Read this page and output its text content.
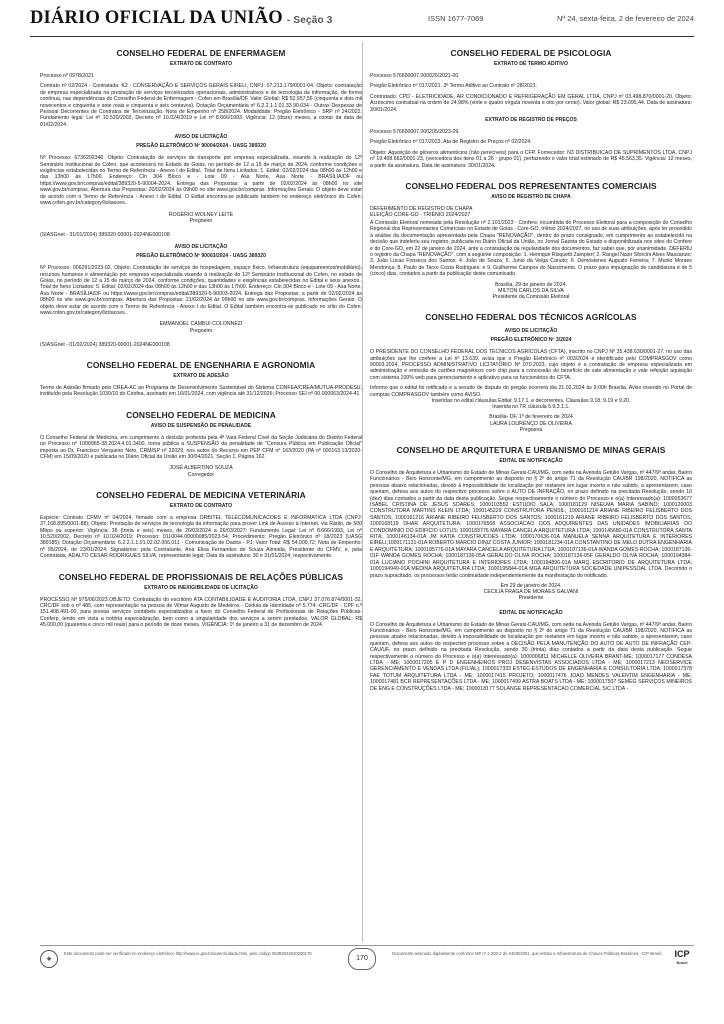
DIÁRIO OFICIAL DA UNIÃO - Seção 3	ISSN 1677-7069	Nº 24, sexta-feira, 2 de fevereiro de 2024
CONSELHO FEDERAL DE ENFERMAGEM
EXTRATO DE CONTRATO
Processo nº 0978/2021
Contrato nº 02/2024 - Contratada: K2 - CONSERVAÇÃO E SERVIÇOS GERAIS EIRELI, CNPJ: 07.213.179/0001-04. Objeto: contratação de empresa especializada na prestação de serviços terceirizados operacionais, administrativos e de tecnologia da informação, de forma contínua, nas dependências do Conselho Federal de Enfermagem - Cofen em Brasília/DF. Valor Global: R$ 52.957,56 (cinquenta e dois mil novecentos e cinquenta e sete reais e cinquenta e seis centavos). Dotação Orçamentária nº 6.2.2.1.1.01.33.90.034 - Outras Despesas de Pessoal Decorrentes de Contratos de Terceirização. Nota de Empenho nº 258/2024. Modalidade: Pregão Eletrônico - SRP nº 24/2022. Fundamento legal: Lei nº 10.520/2002, Decreto nº 10.024/2019 e Lei nº 8.666/1993. Vigência: 12 (doze) meses, a contar da data de 01/02/2024.
AVISO DE LICITAÇÃO
PREGÃO ELETRÔNICO Nº 90004/2024 - UASG 389320
Nº Processo: 6736202346. Objeto: Contratação de serviços de transporte por empresa especializada, visando à realização do 12º Seminário Institucional do Cofen, que acontecerá no Estado de Goiás, no período de 12 a 15 de março de 2024, conforme condições e exigências estabelecidas no Termo de Referência - Anexo I do Edital.. Total de Itens Licitados: 1. Edital: 02/02/2024 das 08h00 às 12h00 e das 13h00 às 17h00. Endereço: Cln 304 Bloco e - Lote 09 - Asa Norte, Asa Norte - BRASÍLIA/DF ou https://www.gov.br/compras/edital/389320-5-90004-2024. Entrega das Propostas: a partir de 02/02/2024 às 08h00 no site www.gov.br/compras. Abertura das Propostas: 20/02/2024 às 09h00 no site www.gov.br/compras. Informações Gerais: O objeto deve estar de acordo com o Termo de Referência - Anexo I do Edital. O Edital encontra-se publicado também no endereço eletrônico do Cofen: www.cofen.gov.br/category/licitacoes..
ROGERIO WOLNEY LEITE
Pregoeiro
(SIASGnet - 31/01/2024) 389320-00001-2024NE000108
AVISO DE LICITAÇÃO
PREGÃO ELETRÔNICO Nº 90003/2024 - UASG 389320
Nº Processo: 006291/2023-02. Objeto: Contratação de serviços de hospedagem, espaço físico, infraestrutura (equipamentos/mobiliário), recursos humanos e alimentação por empresa especializada visando à realização do 12º Seminário Institucional do Cofen, no estado de Goiás, no período de 12 a 15 de março de 2024, conforme condições, quantidades e exigências estabelecidas no Edital e seus anexos.. Total de Itens Licitados: 5. Edital: 02/02/2024 das 08h00 às 12h00 e das 13h00 às 17h00. Endereço: Cln 304 Bloco e - Lote 09 - Asa Norte, Asa Norte - BRASÍLIA/DF ou https://www.gov.br/compras/edital/389320-5-90003-2024. Entrega das Propostas: a partir de 02/02/2024 às 08h00 no site www.gov.br/compras. Abertura das Propostas: 21/02/2024 às 09h00 no site www.gov.br/compras. Informações Gerais: O objeto deve estar de acordo com o Termo de Referência - Anexo I do Edital. O Edital também encontra-se publicado no sítio do Cofen: www.cofen.gov.br/category/licitacoes..
EMMANOEL CAMBUI COLONNEZI
Pregoeiro
(SIASGnet - 01/02/2024) 389320-00001-2024NE000108
CONSELHO FEDERAL DE ENGENHARIA E AGRONOMIA
EXTRATO DE ADESÃO
Termo de Adesão firmado pelo CREA-AC ao Programa de Desenvolvimento Sustentável do Sistema CONFEA/CREA/MUTUA-PRODESU, instituído pela Resolução 1030/10 do Confea, assinado em 16/01/2024, com vigência até 31/12/2026; Processo SEI nº 00.000063/2024-41
CONSELHO FEDERAL DE MEDICINA
AVISO DE SUSPENSÃO DE PENALIDADE
O Conselho Federal de Medicina, em cumprimento à decisão proferida pela 4ª Vara Federal Cível da Seção Judiciária do Distrito Federal no Processo nº 1000965-38.2024.4.01.3400, torna pública a SUSPENSÃO da penalidade de "Censura Pública em Publicação Oficial" imposta ao Dr. Francisco Verqueiro Neto, CRM/SP nº 22029, nos autos do Recurso em PEP CFM nº 163/2020 (PA nº 000163.13/2020-CFM) em 15/09/2020 e publicada no Diário Oficial da União em 30/04/2021, Seção 1, Página 162.
JOSÉ ALBERTINO SOUZA
Corregedor
CONSELHO FEDERAL DE MEDICINA VETERINÁRIA
EXTRATO DE CONTRATO
Espécie: Contrato CFMV nº 04/2024, firmado com a empresa ORBITEL TELECOMUNICACOES E INFORMATICA LTDA (CNPJ: 37.168.895/0001-88); Objeto: Prestação de serviços de tecnologia da informação para prover Link de Acesso à Internet, via Rádio, de 500 Mbps ou superior; Vigência: 36 (trinta e seis) meses, de 26/03/2024 a 26/03/2027; Fundamento Legal: Lei nº 8.666/1993, Lei nº 10.520/2002, Decreto nº 10.024/2019; Processo: 0110044.00000085/2023-54; Procedimento: Pregão Eletrônico nº 18/2023 (UASG 389185); Dotação Orçamentária: 6.2.2.1.1.01.02.02.006.011 - Comunicação de Dados - PJ; Valor Total: R$ 54.009,72; Nota de Empenho: nº 95/2024, de 23/01/2024; Signatários: pela Contratante, Ana Elisa Fernandes de Souza Almeida, Presidente do CFMV, e, pela Contratada, ADALTO CESAR RODRIGUES SILVA, representante legal; Data da assinatura: 30 e 31/01/2024, respectivamente.
CONSELHO FEDERAL DE PROFISSIONAIS DE RELAÇÕES PÚBLICAS
EXTRATO DE INEXIGIBILIDADE DE LICITAÇÃO
PROCESSO Nº 975/06/2023.OBJETO: Contratação do escritório ATA CONTABILIDADE E AUDITORIA LTDA, CNPJ 37.076.874/0001-32, CRC/DF sob o nº 485, com representação na pessoa de Vilmar Augusto de Medeiros - Cédula de Identidade nº 5.774 -CRC/DF - CPF n.º 151.408.491-00, para prestar serviços contábeis especializados a favor do Conselho Federal de Profissionais de Relações Públicas-Conferp, tendo em vista a notória especialização, bem como a singularidade dos serviços a serem prestados. VALOR GLOBAL: R$ 45.000,00 (quarenta e cinco mil reais) para o período de doze meses. VIGÊNCIA: 1º de janeiro a 31 de dezembro de 2024.
CONSELHO FEDERAL DE PSICOLOGIA
EXTRATO DE TERMO ADITIVO
Processo 576600007.000026/2021-00.
Pregão Eletrônico nº 017/2021. 3º Termo Aditivo ao Contrato nº 28/2021.
Contratado: CPD - ELETRICIDADE, AR CONDICIONADO E REFRIGERAÇÃO EM GERAL LTDA, CNPJ nº 03.498.870/0001-20. Objeto: Acréscimo contratual na ordem de 24,98% (vinte e quatro vírgula noventa e oito por cento). Valor global: R$ 23.095,44. Data de assinatura: 30/01/2024.
EXTRATO DE REGISTRO DE PREÇOS
Processo 576600007.000205/2023-09.
Pregão Eletrônico nº 017/2023. Ata de Registro de Preços nº 02/2024.
Objeto: Aquisição de gêneros alimentícios (não perecíveis) para o CFP. Fornecedor: N3 DISTRIBUICAO DE SUPRIMENTOS LTDA, CNPJ nº 19.408.662/0001-23, (vencedora dos itens 01 a 26 - grupo 01), perfazendo o valor total estimado de R$ 45.563,35. Vigência: 12 meses, a partir da assinatura. Data de assinatura: 30/01/2024.
CONSELHO FEDERAL DOS REPRESENTANTES COMERCIAIS
AVISO DE REGISTRO DE CHAPA
DEFERIMENTO DE REGISTRO DE CHAPA
ELEIÇÃO CORE-GO - TRIÊNIO 2024/2027
A Comissão Eleitoral nomeada pela Resolução nº 2.101/2023 - Confere, incumbida do Processo Eleitoral para a composição do Conselho Regional dos Representantes Comerciais no Estado de Goiás - Core-GO, triênio 2024/2027, no uso de suas atribuições, após ter procedido à análise da documentação apresentada pela Chapa "RENOVAÇÃO", dentro do prazo consignado, em cumprimento ao estabelecido na decisão que indeferiu seu registro, publicada no Diário Oficial da União, no Jornal Gazeta do Estado e disponibilizada nos sites do Confere e do Core-GO, em 22 de janeiro de 2024, ante a constatação da regularidade dos documentos, faz saber que, por unanimidade, DEFERIU o registro da Chapa "RENOVAÇÃO", com a seguinte composição: 1. Henrique Risquetti Zampieri; 2. Rangel Nazir Sforcini Alves Massaruto; 3. João Lucas Fonseca dos Santos; 4. João de Souza; 5. Junio da Veiga Canuto; 6. Demóstenes Augusto Ferreira; 7. Murilo Moraes Mendonça; 8. Paulo de Tarso Costa Rodrigues; e 9. Guilherme Campos do Nascimento. O prazo para impugnação de candidatura é de 5 (cinco) dias, contados a partir da publicação deste comunicado.
Brasília, 29 de janeiro de 2024.
MILTON CARLOS DA SILVA
Presidente da Comissão Eleitoral
CONSELHO FEDERAL DOS TÉCNICOS AGRÍCOLAS
AVISO DE LICITAÇÃO
PREGÃO ELETRÔNICO Nº 3/2024
O PRESIDENTE DO CONSELHO FEDERAL DOS TÉCNICOS AGRÍCOLAS (CFTA), inscrito no CNPJ Nº 35.438.630/0001-27, no uso das atribuições que lhe confere a Lei nº 13.639, avisa que o Pregão Eletrônico nº 003/2024 é identificado pelo COMPRASGOV como 90003.2024, PROCESSO ADMINISTRATIVO LICITATÓRIO Nº 070.2023, cujo objeto é a contratação de empresa especializada em administração e emissão de cartões magnéticos com chip para a concessão do benefício de vale alimentação e vale refeição aquisição com sistema 100% web para gerenciamento e aplicativo para os funcionários do CFTA.
Informo que o edital foi retificado e a sessão de disputa do pregão ocorrerá dia 21.02.2024 às 9:00h Brasília. Aviso inserido no Portal de compras COMPRASGOV também como AVISO.
Inseridas no edital cláusulas Edital: 9.17.1. e decorrentes. Clausulas 9.18, 9.19 e 9.20.
Inserida no TR cláusula 5.9.3.1.1.
Brasília- DF, 1º de fevereiro de 2024
LAURA LOURENÇO DE OLIVEIRA
Pregoeira
CONSELHO DE ARQUITETURA E URBANISMO DE MINAS GERAIS
EDITAL DE NOTIFICAÇÃO
O Conselho de Arquitetura e Urbanismo do Estado de Minas Gerais-CAU/MG, com sede na Avenida Getúlio Vargas, nº 447/9º andar, Bairro Funcionários - Belo Horizonte/MG, em cumprimento ao disposto no § 2º do artigo 71 da Resolução CAU/BR 198/2020, NOTIFICA as pessoas abaixo relacionadas, devido à impossibilidade de localização por restarem em lugar incerto e não sabido, a apresentarem, caso queiram, defesa aos autos do respectivo processo sobre o AUTO DE INFRAÇÃO, no prazo definido na precitada Resolução, sendo 10 (dez) dias contados a partir da data desta publicação. Segue respectivamente o número do Processo e o(a) Interessado(a): 1000053677 ISABEL CRISTINA DE JESUS SOARES; 1000103552 ESTUDIO SALA; 1000181129 NISELMA MARIA SABINO; 1000120003 CONSTRUTORA MARTINS KLEIN LTDA; 1000145229 CONSTRUTORA PENSIL; 1000161214 ARIANE RIBEIRO FELISBERTO DOS SANTOS; 1000161216 ARIANE RIBEIRO FELISBERTO DOS SANTOS; 1000161219 ARIANE RIBEIRO FELISBERTO DOS SANTOS; 1000168119 DHAR ARQUITETURA; 1000176568 ASSOCIACAO DOS ADQUIRENTES DAS UNIDADES IMOBILIARIAS DO CONDOMINIO DO EDIFICIO LOTUS; 1000183776 MAYARA CANCELA ARQUITETURA LTDA; 1000145680-01A CONSTRUTORA SANTA RITA; 1000146134-01A JM KATIA CONSTRUCOES LTDA; 1000170636-01A MANUELA SENNA ARQUITETURA E INTERIORES EIRELI;1000171131-01A ROBERTO MARCIO DINIZ COSTA JUNIOR; 1000181234-01A CONSTANTINO DE MELO DUTRA ENGENHARIA E ARQUITETURA; 1000185776-01A MAYARA CANCELA ARQUITETURA LTDA; 1000187136-01A WANDA GOMES ROCHA; 1000187136-01F WANDA GOMES ROCHA; 1000187136-05A GERALDO OLIVA ROCHA; 1000187136-05F GERALDO OLIVA ROCHA; 1000194384-01A LUCIANO POCHINI ARQUITETURA E INTERIORES LTDA; 1000194896-01A MARQ ESCRITORIO DE ARQUITETURA LTDA; 1000194949-01A MEDINA ARQUITETURA LTDA; 1000195844-01A MGA ARQUITETURA SOCIEDADE UNIPESSOAL LTDA. Decorrido o prazo supracitado, os processos terão continuidade independentemente da manifestação do notificado.
Em 29 de janeiro de 2024.
CECILIA FRAGA DE MORAES GALVANI
Presidente
EDITAL DE NOTIFICAÇÃO
O Conselho de Arquitetura e Urbanismo do Estado de Minas Gerais-CAU/MG, com sede na Avenida Getúlio Vargas, nº 447/9º andar, Bairro Funcionários - Belo Horizonte/MG, em cumprimento ao disposto no § 2º do artigo 71 da Resolução CAU/BR 198/2020, NOTIFICA as pessoas abaixo relacionadas, devido à impossibilidade de localização por restarem em lugar incerto e não sabido, a apresentarem, caso queiram, defesa aos autos do respectivo processo sobre a DECISÃO PELA MANUTENÇÃO DO AUTO DE AUTO DE INFRAÇÃO CEP-CAU/UF, no prazo definido na precitada Resolução, sendo 30 (trinta) dias contados a partir da data desta publicação. Segue respectivamente o número do Processo e o(a) Interessado(a): 1000006811 MICHELLE OLIVEIRA BRANT-ME; 1000017177 CONDESA LTDA - ME; 1000017205 E P D ENGENHEIROS PROJ DESENVISTAS ASSOCIADOS LTDA - ME; 1000017213 NEOSERVICE GERENCIAMENTO E VENDAS LTDA (FILIAL); 1000017333 ESTEC-ESTUDOS DE ENGENHARIA E CONSULTORIA LTDA; 1000017378 FAE TOTUM ARQUITETURA LTDA - ME; 1000017415 PROJETO; 1000017476 JOAO MENDES VALENTIM ENGENHARIA - ME; 1000017481 BCR REPRESENTAÇÕES LTDA - ME; 1000017499 ASTRA BOATS LTDA - ME; 1000017507 SEMEG SERVIÇOS MINEIROS DE ENG E CONSTRUÇÕES LTDA - ME; 1000018177 SOLANGE REPRESENTACAO COMERCIAL S/C LTDA -
✦
Este documento pode ser verificado no endereço eletrônico http://www.in.gov.br/autenticidade.html, pelo código 05382024020200170
170
Documento assinado digitalmente conforme MP nº 2.200-2 de 24/08/2001, que institui a Infraestrutura de Chaves Públicas Brasileira - ICP-Brasil.	ICP
Brasil
